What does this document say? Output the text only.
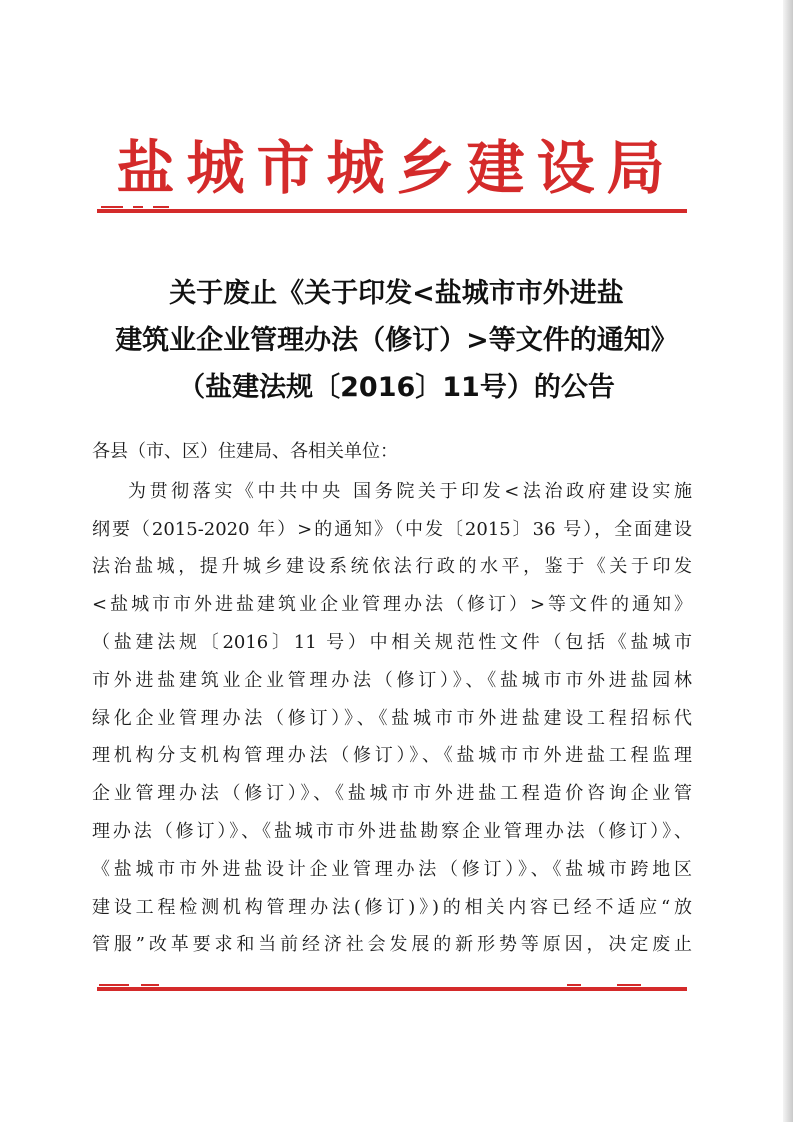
盐城市城乡建设局
关于废止《关于印发<盐城市市外进盐
建筑业企业管理办法（修订）>等文件的通知》
（盐建法规〔2016〕11号）的公告
各县（市、区）住建局、各相关单位：
为贯彻落实《中共中央 国务院关于印发<法治政府建设实施
纲要（2015-2020 年）>的通知》（中发〔2015〕36 号），全面建设
法治盐城，提升城乡建设系统依法行政的水平，鉴于《关于印发
<盐城市市外进盐建筑业企业管理办法（修订）>等文件的通知》
（盐建法规〔2016〕11 号）中相关规范性文件（包括《盐城市
市外进盐建筑业企业管理办法（修订）》、《盐城市市外进盐园林
绿化企业管理办法（修订）》、《盐城市市外进盐建设工程招标代
理机构分支机构管理办法（修订）》、《盐城市市外进盐工程监理
企业管理办法（修订）》、《盐城市市外进盐工程造价咨询企业管
理办法（修订）》、《盐城市市外进盐勘察企业管理办法（修订）》、
《盐城市市外进盐设计企业管理办法（修订）》、《盐城市跨地区
建设工程检测机构管理办法(修订)》)的相关内容已经不适应“放
管服”改革要求和当前经济社会发展的新形势等原因，决定废止
